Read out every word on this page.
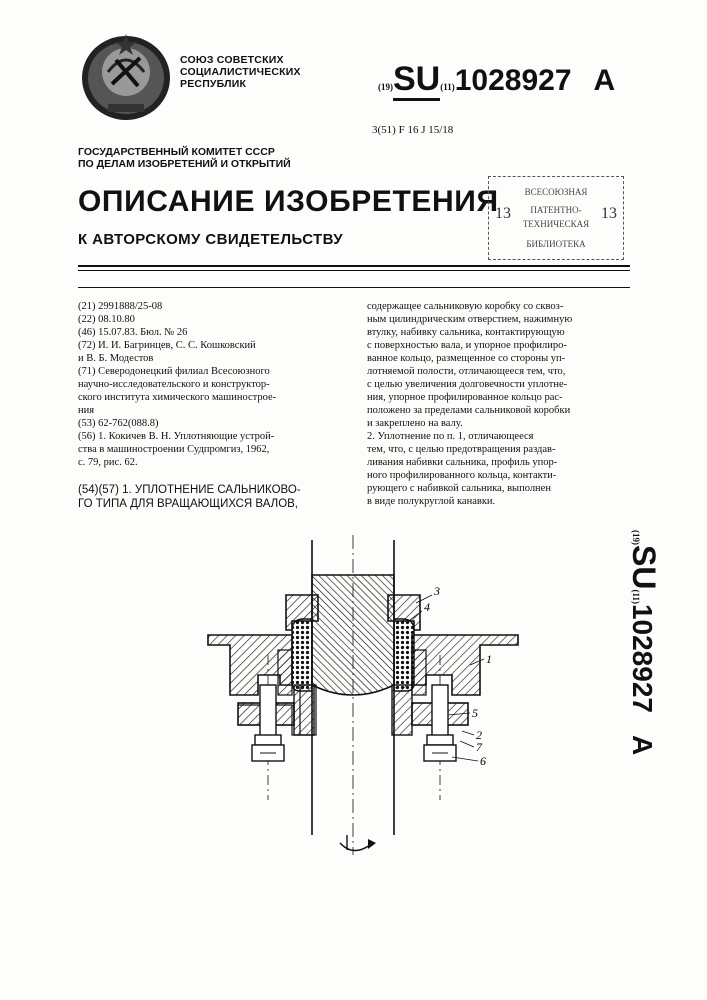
СОЮЗ СОВЕТСКИХ
СОЦИАЛИСТИЧЕСКИХ
РЕСПУБЛИК	(19)SU(11)1028927 A
3(51) F 16 J 15/18
ГОСУДАРСТВЕННЫЙ КОМИТЕТ СССР
ПО ДЕЛАМ ИЗОБРЕТЕНИЙ И ОТКРЫТИЙ
ОПИСАНИЕ ИЗОБРЕТЕНИЯ
К АВТОРСКОМУ СВИДЕТЕЛЬСТВУ
ВСЕСОЮЗНАЯ
ПАТЕНТНО-
ТЕХНИЧЕСКАЯ
БИБЛИОТЕКА
13	13
(21) 2991888/25-08
(22) 08.10.80
(46) 15.07.83. Бюл. № 26
(72) И. И. Багринцев, С. С. Кошковский
и В. Б. Модестов
(71) Северодонецкий филиал Всесоюзного
научно-исследовательского и конструктор-
ского института химического машинострое-
ния
(53) 62-762(088.8)
(56) 1. Кокичев В. Н. Уплотняющие устрой-
ства в машиностроении Судпромгиз, 1962,
с. 79, рис. 62.
(54)(57) 1. УПЛОТНЕНИЕ САЛЬНИКОВО-
ГО ТИПА ДЛЯ ВРАЩАЮЩИХСЯ ВАЛОВ,
содержащее сальниковую коробку со сквоз-
ным цилиндрическим отверстием, нажимную
втулку, набивку сальника, контактирующую
с поверхностью вала, и упорное профилиро-
ванное кольцо, размещенное со стороны уп-
лотняемой полости, отличающееся тем, что,
с целью увеличения долговечности уплотне-
ния, упорное профилированное кольцо рас-
положено за пределами сальниковой коробки
и закреплено на валу.
2. Уплотнение по п. 1, отличающееся
тем, что, с целью предотвращения раздав-
ливания набивки сальника, профиль упор-
ного профилированного кольца, контакти-
рующего с набивкой сальника, выполнен
в виде полукруглой канавки.
(19)SU(11)1028927A
3
4
1
5
2
7
6
